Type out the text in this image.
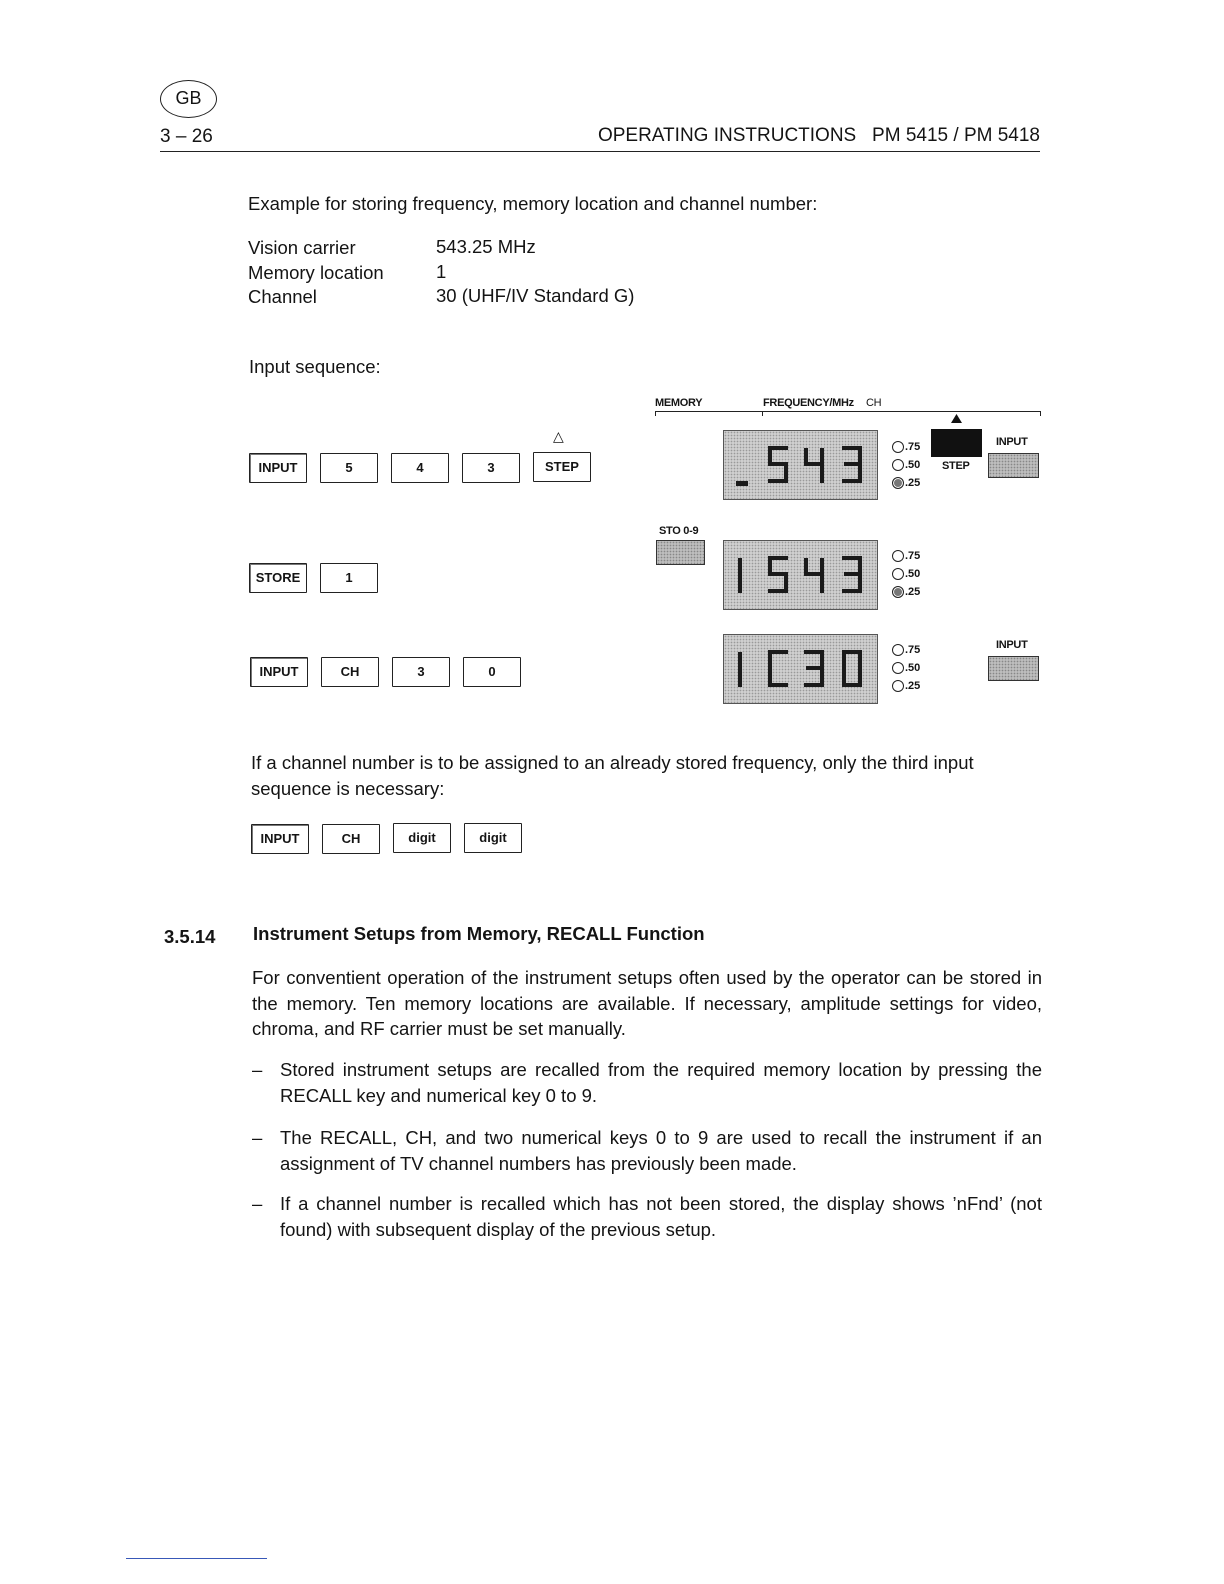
GB
3 – 26	OPERATING INSTRUCTIONS   PM 5415 / PM 5418
Example for storing frequency, memory location and channel number:
Vision carrier	543.25 MHz
Memory location	1
Channel	30 (UHF/IV Standard G)
Input sequence:
INPUT	5	4	3
△
STEP
STORE	1
INPUT	CH	3	0
MEMORY	FREQUENCY/MHz CH
.75
.50
.25
STEP
INPUT
STO 0-9
.75
.50
.25
.75
.50
.25
INPUT
If a channel number is to be assigned to an already stored frequency, only the third input sequence is necessary:
INPUT	CH	digit	digit
3.5.14 Instrument Setups from Memory, RECALL Function
For conventient operation of the instrument setups often used by the operator can be stored in the memory. Ten memory locations are available. If necessary, amplitude settings for video, chroma, and RF carrier must be set manually.
– Stored instrument setups are recalled from the required memory location by pressing the RECALL key and numerical key 0 to 9.
– The RECALL, CH, and two numerical keys 0 to 9 are used to recall the instrument if an assignment of TV channel numbers has previously been made.
– If a channel number is recalled which has not been stored, the display shows ’nFnd’ (not found) with subsequent display of the previous setup.
